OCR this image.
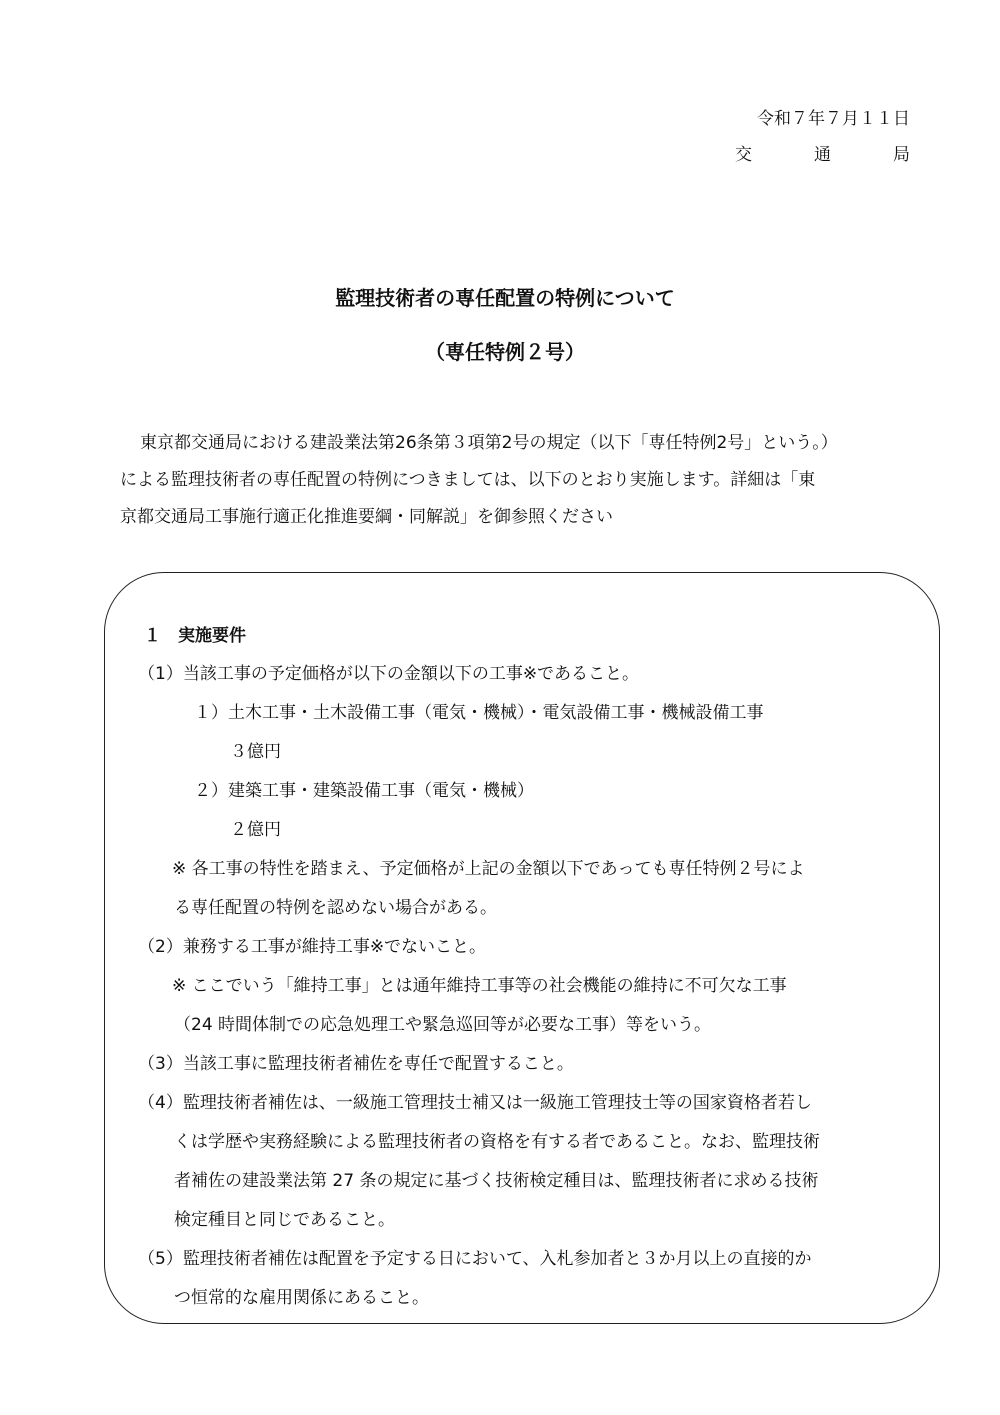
令和７年７月１１日
交	通	局
監理技術者の専任配置の特例について
（専任特例２号）
東京都交通局における建設業法第26条第３項第2号の規定（以下「専任特例2号」という。）
による監理技術者の専任配置の特例につきましては、以下のとおり実施します。詳細は「東
京都交通局工事施行適正化推進要綱・同解説」を御参照ください
１　実施要件
（1）当該工事の予定価格が以下の金額以下の工事※であること。
１）土木工事・土木設備工事（電気・機械）・電気設備工事・機械設備工事
３億円
２）建築工事・建築設備工事（電気・機械）
２億円
※ 各工事の特性を踏まえ、予定価格が上記の金額以下であっても専任特例２号によ
る専任配置の特例を認めない場合がある。
（2）兼務する工事が維持工事※でないこと。
※ ここでいう「維持工事」とは通年維持工事等の社会機能の維持に不可欠な工事
（24 時間体制での応急処理工や緊急巡回等が必要な工事）等をいう。
（3）当該工事に監理技術者補佐を専任で配置すること。
（4）監理技術者補佐は、一級施工管理技士補又は一級施工管理技士等の国家資格者若し
くは学歴や実務経験による監理技術者の資格を有する者であること。なお、監理技術
者補佐の建設業法第 27 条の規定に基づく技術検定種目は、監理技術者に求める技術
検定種目と同じであること。
（5）監理技術者補佐は配置を予定する日において、入札参加者と３か月以上の直接的か
つ恒常的な雇用関係にあること。
